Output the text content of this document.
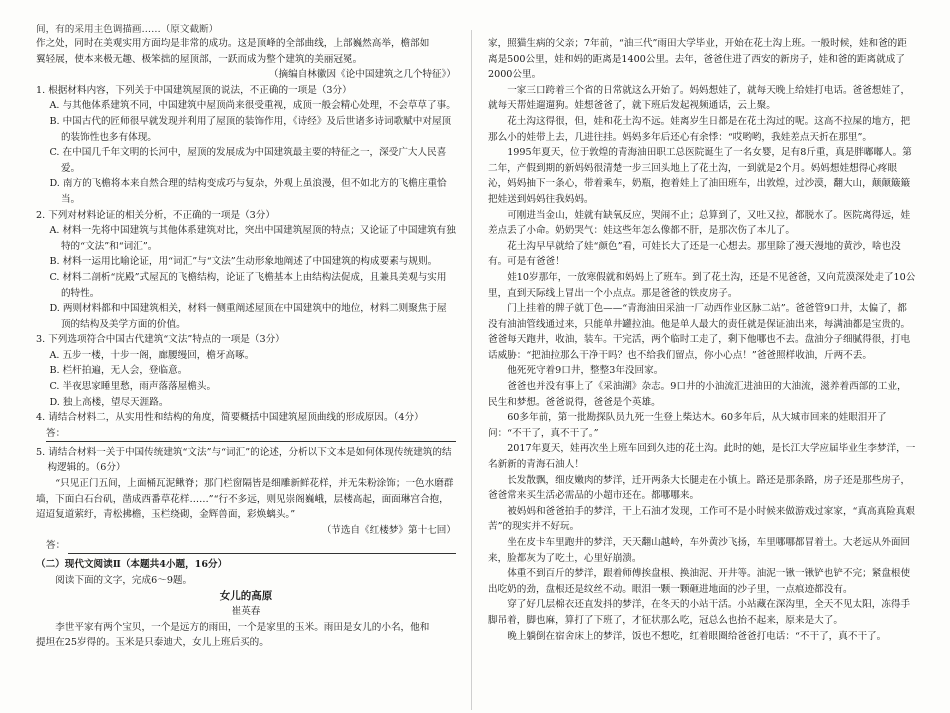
间，有的采用主色调描画……（原文截断）

作之处，同时在美观实用方面均是非常的成功。这是顶峰的全部曲线，上部巍然高举，檐部如

翼轻展，使本来极无趣、极笨拙的屋顶部，一跃而成为整个建筑的美丽冠冕。

（摘编自林徽因《论中国建筑之几个特征》）

1. 根据材料内容，下列关于中国建筑屋顶的说法，不正确的一项是（3分）

A. 与其他体系建筑不同，中国建筑中屋顶尚来很受重视，成顶一般会精心处理，不会草草了事。

B. 中国古代的匠师很早就发现并利用了屋顶的装饰作用，《诗经》及后世诸多诗词歌赋中对屋顶的装饰性也多有体现。

C. 在中国几千年文明的长河中，屋顶的发展成为中国建筑最主要的特征之一，深受广大人民喜爱。

D. 南方的飞檐将本来自然合理的结构变成巧与复杂，外观上虽浪漫，但不如北方的飞檐庄重恰当。

2. 下列对材料论证的相关分析，不正确的一项是（3分）

A. 材料一先将中国建筑与其他体系建筑对比，突出中国建筑屋顶的特点；又论证了中国建筑有独特的“文法”和“词汇”。

B. 材料一运用比喻论证，用“词汇”与“文法”生动形象地阐述了中国建筑的构成要素与规则。

C. 材料二剖析“庑殿”式屋瓦的飞檐结构，论证了飞檐基本上由结构法促成，且兼具美观与实用的特性。

D. 两则材料都和中国建筑相关，材料一侧重阐述屋顶在中国建筑中的地位，材料二则聚焦于屋顶的结构及美学方面的价值。

3. 下列选项符合中国古代建筑“文法”特点的一项是（3分）

A. 五步一楼，十步一阁，廊腰缦回，檐牙高啄。

B. 栏杆拍遍，无人会，登临意。

C. 半夜思家睡里愁，雨声落落屋檐头。

D. 独上高楼，望尽天涯路。

4. 请结合材料二，从实用性和结构的角度，简要概括中国建筑屋顶曲线的形成原因。（4分）

答：

5. 请结合材料一关于中国传统建筑“文法”与“词汇”的论述，分析以下文本是如何体现传统建筑的结构逻辑的。（6分）

“只见正门五间，上面桶瓦泥鳅脊；那门栏窗隔皆是细雕新鲜花样，并无朱粉涂饰；一色水磨群墙，下面白石台矶，凿成西番草花样……”“行不多远，则见崇阁巍峨，层楼高起，面面琳宫合抱，迢迢复道萦纡，青松拂檐，玉栏绕砌，金辉兽面，彩焕螭头。”

（节选自《红楼梦》第十七回）

答：

（二）现代文阅读Ⅱ（本题共4小题，16分）

阅读下面的文字，完成6～9题。

女儿的高原

崔英春

李世平家有两个宝贝，一个是远方的雨田，一个是家里的玉米。雨田是女儿的小名，他和

提坦在25岁得的。玉米是只泰迪犬，女儿上班后买的。

家，照猫生病的父亲；7年前，“油三代”雨田大学毕业，开始在花土沟上班。一般时候，娃和爸的距离是500公里，娃和妈的距离是1400公里。去年，爸爸住进了西安的新房子，娃和爸的距离就成了2000公里。

一家三口跨着三个省的日常就这么开始了。妈妈想娃了，就每天晚上给娃打电话。爸爸想娃了，就每天帮娃遛遛狗。娃想爸爸了，就下班后发起视频通话，云上聚。

花土沟这得很，但，娃和花土沟不远。娃离岁生日都是在花土沟过的呢。这高不拉屎的地方，把那么小的娃带上去，几进往挂。妈妈多年后还心有余悸：“哎哟哟，我娃差点天折在那里”。

1995年夏天，位于敦煌的青海油田职工总医院诞生了一名女婴，足有8斤重，真是胖嘟嘟人。第二年，产假到期的新妈妈很清楚一步三回头地上了花土沟，一到就是2个月。妈妈想娃想得心疼眼沁，妈妈抽下一条心，带着乘车，奶瓶，抱着娃上了油田班车，出敦煌，过沙漠，翻大山，颠颠簸簸把娃送到妈妈往我妈妈。

可刚进当金山，娃就有缺氧反应，哭闹不止；总算到了，又吐又拉，都脱水了。医院离得远，娃差点丢了小命。奶奶哭气：娃这些年怎么像都不肝，是那次伤了本儿了。

花土沟早早就给了娃“颜色”看，可娃长大了还是一心想去。那里除了漫天漫地的黄沙，啥也没有。可是有爸爸！

娃10岁那年，一放寒假就和妈妈上了班车。到了花土沟，还是不见爸爸，又向荒漠深处走了10公里，直到天际线上冒出一个小点点。那是爸爸的铁皮房子。

门上挂着的牌子就丁色——“青海油田采油一厂动西作业区脉二站”。爸爸管9口井，太偏了，都没有油油管线通过来，只能单井罐拉油。他是单人最大的责任就是保证油出来，每满油都是宝贵的。爸爸每天跑井，收油，装车。干完活，两个临时工走了，剩下他哪也不去。盘油分子细腻得很，打电话威胁：“把油拉那么干净干吗？也不给我们留点，你小心点！”爸爸照样收油，斤两不丢。

他死死守着9口井，整整3年没回家。

爸爸也并没有事上了《采油湖》杂志。9口井的小油流汇进油田的大油流，滋养着西部的工业，民生和梦想。爸爸说得，爸爸是个英雄。

60多年前，第一批勘探队员九死一生登上柴达木。60多年后，从大城市回来的娃眼泪开了问：“不干了，真不干了。”

2017年夏天，娃再次坐上班车回到久违的花土沟。此时的她，是长江大学应届毕业生李梦洋，一名新新的青海石油人！

长发散飘，细皮嫩肉的梦洋，迁开两条大长腿走在小镇上。路还是那条路，房子还是那些房子，爸爸常来买生活必需品的小超市还在。都哪哪来。

被妈妈和爸爸拍手的梦洋，干上石油才发现，工作可不是小时候来做游戏过家家，“真高真险真艰苦”的现实并不好玩。

坐在皮卡车里跑井的梦洋，天天翻山越岭，车外黄沙飞扬，车里哪哪都冒着土。大老远从外面回来，脸都灰为了吃土，心里好崩溃。

体重不到百斤的梦洋，跟着师傅挨盘根、换油泥、开井等。油泥一锹一锹铲也铲不完；紧盘根使出吃奶的劲，盘根还是纹丝不动。眼泪一颗一颗砸进地面的沙子里，一点痕迹都没有。

穿了好几层棉衣还直发抖的梦洋，在冬天的小站干活。小站藏在深沟里，全天不见太阳，冻得手脚吊着，脚也麻，算打了下班了，才征状那么吃，冠总么也抬不起来，原来是大了。

晚上躺倒在宿舍床上的梦洋，饭也不想吃，红着眼圈给爸爸打电话：“不干了，真不干了。
